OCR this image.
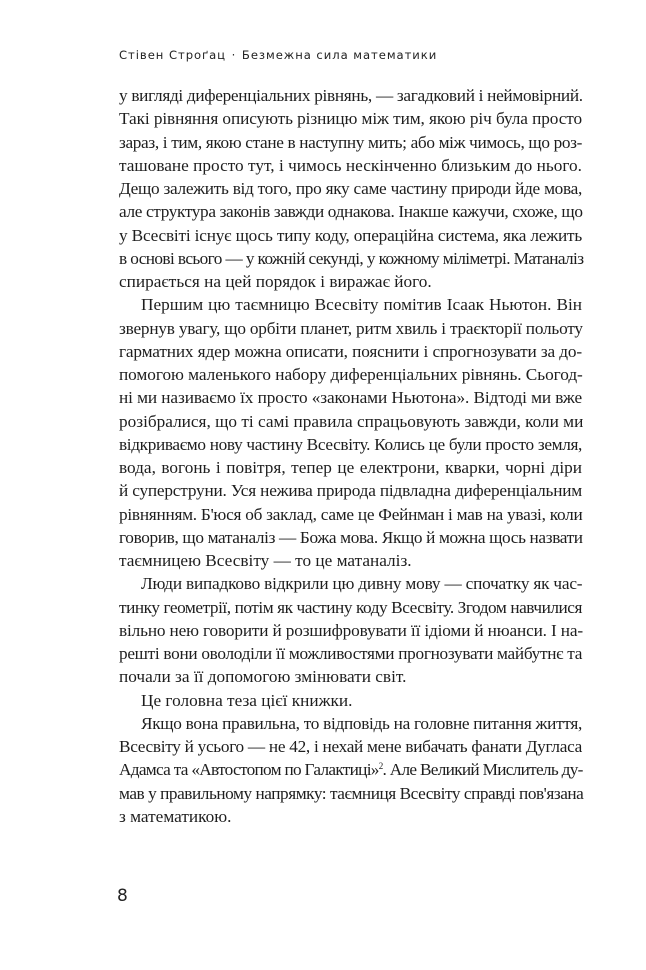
Стівен Строґац · Безмежна сила математики
у вигляді диференціальних рівнянь, — загадковий і неймовірний.
Такі рівняння описують різницю між тим, якою річ була просто
зараз, і тим, якою стане в наступну мить; або між чимось, що роз-
ташоване просто тут, і чимось нескінченно близьким до нього.
Дещо залежить від того, про яку саме частину природи йде мова,
але структура законів завжди однакова. Інакше кажучи, схоже, що
у Всесвіті існує щось типу коду, операційна система, яка лежить
в основі всього — у кожній секунді, у кожному міліметрі. Матаналіз
спирається на цей порядок і виражає його.
Першим цю таємницю Всесвіту помітив Ісаак Ньютон. Він
звернув увагу, що орбіти планет, ритм хвиль і траєкторії польоту
гарматних ядер можна описати, пояснити і спрогнозувати за до-
помогою маленького набору диференціальних рівнянь. Сьогод-
ні ми називаємо їх просто «законами Ньютона». Відтоді ми вже
розібралися, що ті самі правила спрацьовують завжди, коли ми
відкриваємо нову частину Всесвіту. Колись це були просто земля,
вода, вогонь і повітря, тепер це електрони, кварки, чорні діри
й суперструни. Уся нежива природа підвладна диференціальним
рівнянням. Б'юся об заклад, саме це Фейнман і мав на увазі, коли
говорив, що матаналіз — Божа мова. Якщо й можна щось назвати
таємницею Всесвіту — то це матаналіз.
Люди випадково відкрили цю дивну мову — спочатку як час-
тинку геометрії, потім як частину коду Всесвіту. Згодом навчилися
вільно нею говорити й розшифровувати її ідіоми й нюанси. І на-
решті вони оволоділи її можливостями прогнозувати майбутнє та
почали за її допомогою змінювати світ.
Це головна теза цієї книжки.
Якщо вона правильна, то відповідь на головне питання життя,
Всесвіту й усього — не 42, і нехай мене вибачать фанати Дугласа
Адамса та «Автостопом по Галактиці»$^2$. Але Великий Мислитель ду-
мав у правильному напрямку: таємниця Всесвіту справді пов'язана
з математикою.
8
